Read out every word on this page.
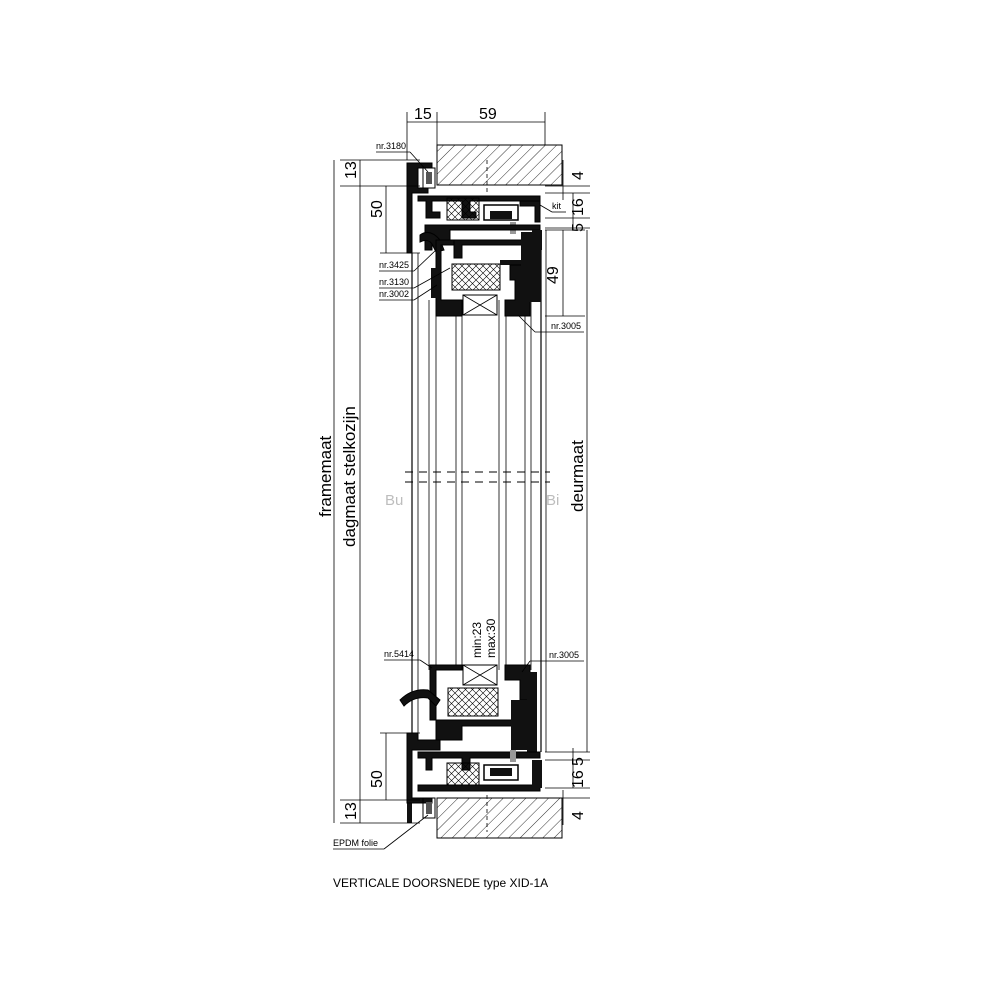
15	59
13
50
50
13
framemaat dagmaat stelkozijn
4
16
5
49
deurmaat
5
16
4
min:23 max:30
Bu	Bi
nr.3180
kit
nr.3425
nr.3130
nr.3002
nr.3005
nr.5414	nr.3005
EPDM folie
VERTICALE DOORSNEDE type XID-1A
